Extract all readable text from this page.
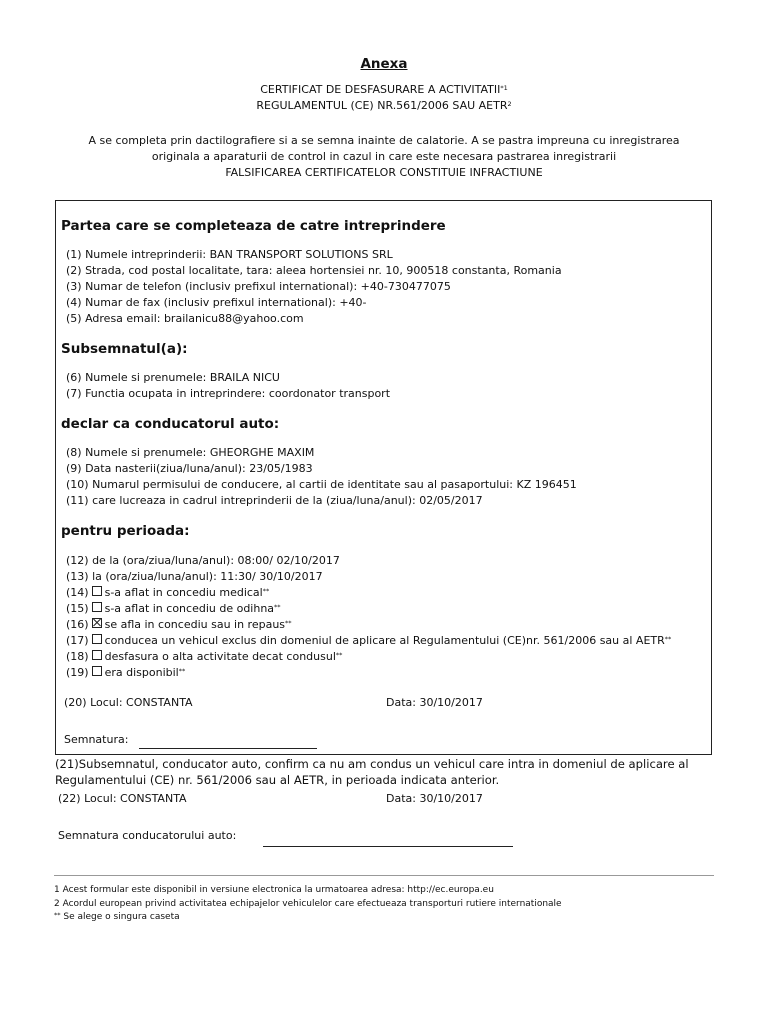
Anexa
CERTIFICAT DE DESFASURARE A ACTIVITATII$^{*1}$
REGULAMENTUL (CE) NR.561/2006 SAU AETR$^2$
A se completa prin dactilografiere si a se semna inainte de calatorie. A se pastra impreuna cu inregistrarea
originala a aparaturii de control in cazul in care este necesara pastrarea inregistrarii
FALSIFICAREA CERTIFICATELOR CONSTITUIE INFRACTIUNE
Partea care se completeaza de catre intreprindere
(1) Numele intreprinderii: BAN TRANSPORT SOLUTIONS SRL
(2) Strada, cod postal localitate, tara: aleea hortensiei nr. 10, 900518 constanta, Romania
(3) Numar de telefon (inclusiv prefixul international): +40-730477075
(4) Numar de fax (inclusiv prefixul international): +40-
(5) Adresa email: brailanicu88@yahoo.com
Subsemnatul(a):
(6) Numele si prenumele: BRAILA NICU
(7) Functia ocupata in intreprindere: coordonator transport
declar ca conducatorul auto:
(8) Numele si prenumele: GHEORGHE MAXIM
(9) Data nasterii(ziua/luna/anul): 23/05/1983
(10) Numarul permisului de conducere, al cartii de identitate sau al pasaportului: KZ 196451
(11) care lucreaza in cadrul intreprinderii de la (ziua/luna/anul): 02/05/2017
pentru perioada:
(12) de la (ora/ziua/luna/anul): 08:00/ 02/10/2017
(13) la (ora/ziua/luna/anul): 11:30/ 30/10/2017
(14) s-a aflat in concediu medical**
(15) s-a aflat in concediu de odihna**
(16) se afla in concediu sau in repaus**
(17) conducea un vehicul exclus din domeniul de aplicare al Regulamentului (CE)nr. 561/2006 sau al AETR**
(18) desfasura o alta activitate decat condusul**
(19) era disponibil**
(20) Locul: CONSTANTA	Data: 30/10/2017
Semnatura:
(21)Subsemnatul, conducator auto, confirm ca nu am condus un vehicul care intra in domeniul de aplicare al
Regulamentului (CE) nr. 561/2006 sau al AETR, in perioada indicata anterior.
(22) Locul: CONSTANTA	Data: 30/10/2017
Semnatura conducatorului auto:
1 Acest formular este disponibil in versiune electronica la urmatoarea adresa: http://ec.europa.eu
2 Acordul european privind activitatea echipajelor vehiculelor care efectueaza transporturi rutiere internationale
** Se alege o singura caseta
